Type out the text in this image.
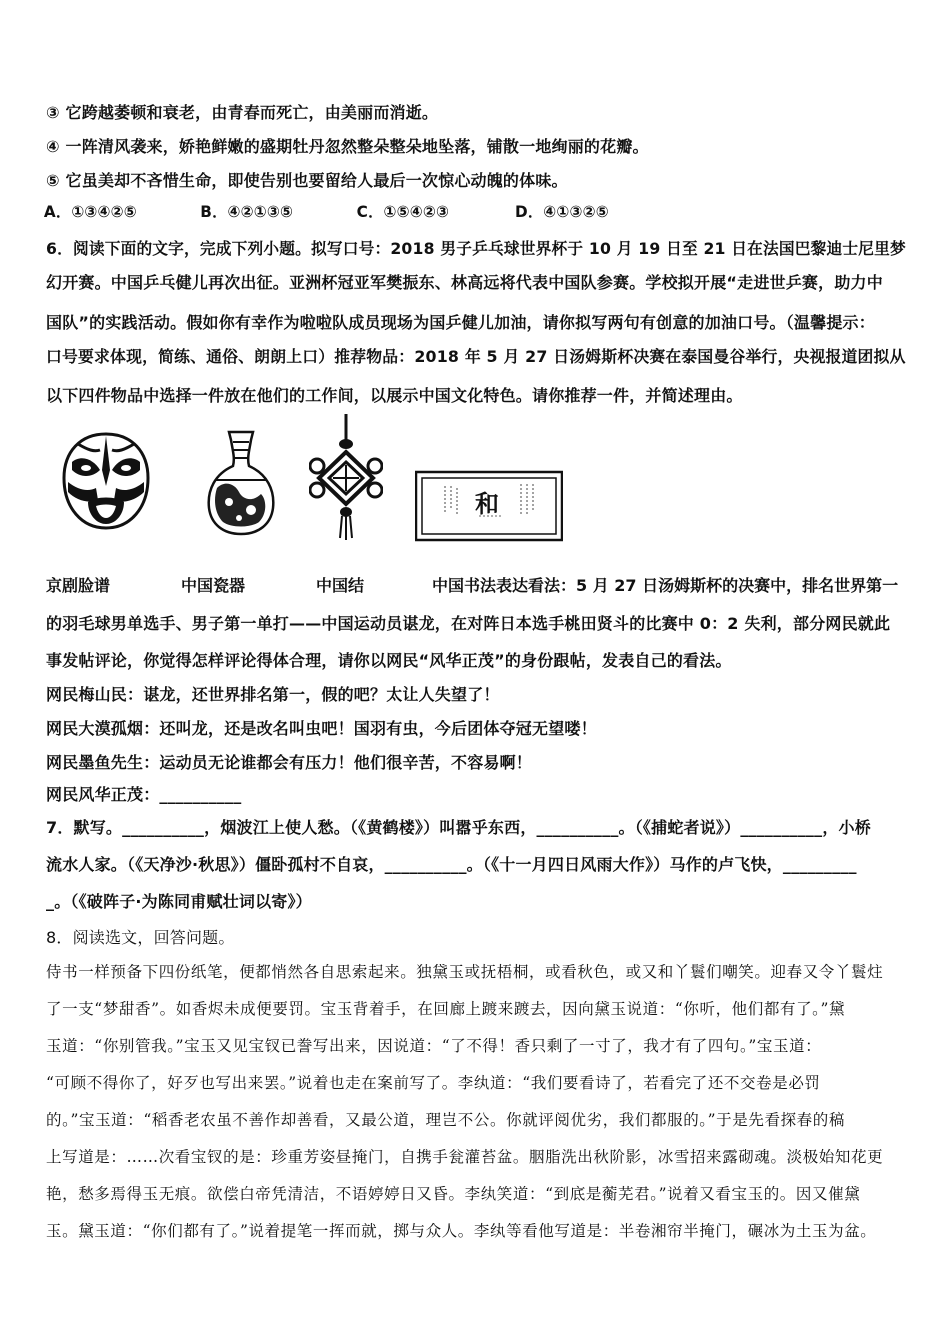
③ 它跨越萎顿和衰老，由青春而死亡，由美丽而消逝。
④ 一阵清风袭来，娇艳鲜嫩的盛期牡丹忽然整朵整朵地坠落，铺散一地绚丽的花瓣。
⑤ 它虽美却不吝惜生命，即使告别也要留给人最后一次惊心动魄的体味。
A．①③④②⑤	B．④②①③⑤	C．①⑤④②③	D．④①③②⑤
6．阅读下面的文字，完成下列小题。拟写口号：2018 男子乒乓球世界杯于 10 月 19 日至 21 日在法国巴黎迪士尼里梦
幻开赛。中国乒乓健儿再次出征。亚洲杯冠亚军樊振东、林高远将代表中国队参赛。学校拟开展“走进世乒赛，助力中
国队”的实践活动。假如你有幸作为啦啦队成员现场为国乒健儿加油，请你拟写两句有创意的加油口号。（温馨提示：
口号要求体现，简练、通俗、朗朗上口）推荐物品：2018 年 5 月 27 日汤姆斯杯决赛在泰国曼谷举行，央视报道团拟从
以下四件物品中选择一件放在他们的工作间，以展示中国文化特色。请你推荐一件，并简述理由。
和
京剧脸谱	中国瓷器	中国结	中国书法表达看法：5 月 27 日汤姆斯杯的决赛中，排名世界第一
的羽毛球男单选手、男子第一单打——中国运动员谌龙，在对阵日本选手桃田贤斗的比赛中 0：2 失利，部分网民就此
事发帖评论，你觉得怎样评论得体合理，请你以网民“风华正茂”的身份跟帖，发表自己的看法。
网民梅山民：谌龙，还世界排名第一，假的吧？太让人失望了！
网民大漠孤烟：还叫龙，还是改名叫虫吧！国羽有虫，今后团体夺冠无望喽！
网民墨鱼先生：运动员无论谁都会有压力！他们很辛苦，不容易啊！
网民风华正茂：__________
7．默写。__________，烟波江上使人愁。（《黄鹤楼》）叫嚣乎东西，__________。（《捕蛇者说》）__________，小桥
流水人家。（《天净沙·秋思》）僵卧孤村不自哀，__________。（《十一月四日风雨大作》）马作的卢飞快，_________
_。（《破阵子·为陈同甫赋壮词以寄》）
8．阅读选文，回答问题。
侍书一样预备下四份纸笔，便都悄然各自思索起来。独黛玉或抚梧桐，或看秋色，或又和丫鬟们嘲笑。迎春又令丫鬟炷
了一支“梦甜香”。如香烬未成便要罚。宝玉背着手，在回廊上踱来踱去，因向黛玉说道：“你听，他们都有了。”黛
玉道：“你别管我。”宝玉又见宝钗已誊写出来，因说道：“了不得！香只剩了一寸了，我才有了四句。”宝玉道：
“可顾不得你了，好歹也写出来罢。”说着也走在案前写了。李纨道：“我们要看诗了，若看完了还不交卷是必罚
的。”宝玉道：“稻香老农虽不善作却善看，又最公道，理岂不公。你就评阅优劣，我们都服的。”于是先看探春的稿
上写道是：……次看宝钗的是：珍重芳姿昼掩门，自携手瓮灌苔盆。胭脂洗出秋阶影，冰雪招来露砌魂。淡极始知花更
艳，愁多焉得玉无痕。欲偿白帝凭清洁，不语婷婷日又昏。李纨笑道：“到底是蘅芜君。”说着又看宝玉的。因又催黛
玉。黛玉道：“你们都有了。”说着提笔一挥而就，掷与众人。李纨等看他写道是：半卷湘帘半掩门，碾冰为土玉为盆。
